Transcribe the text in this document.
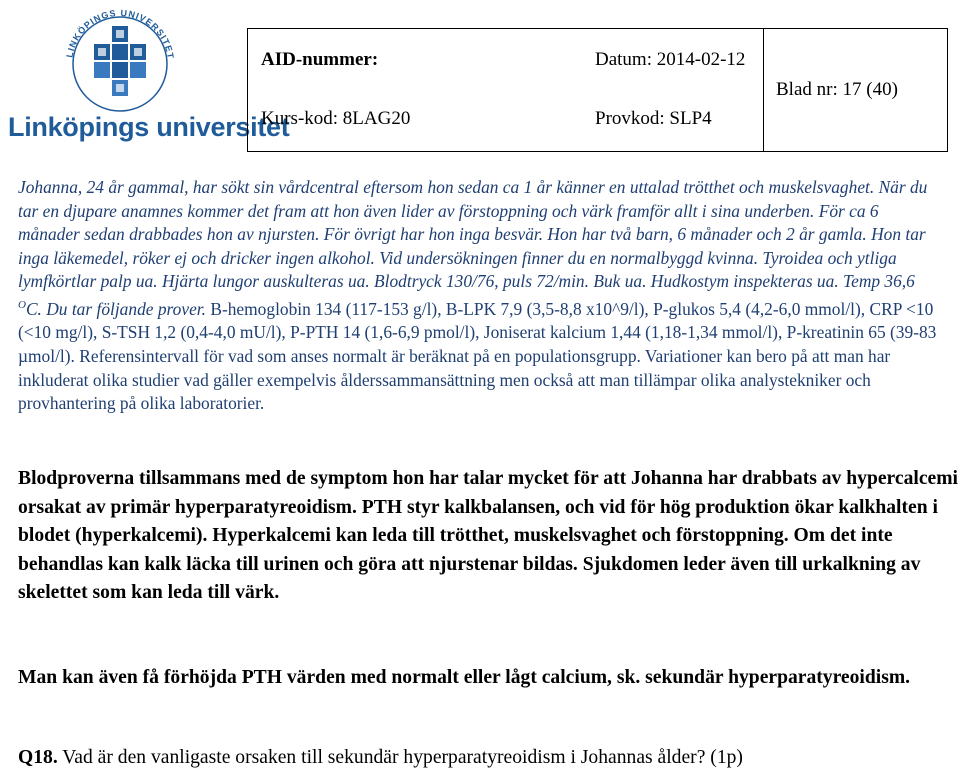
LINKÖPINGS UNIVERSITET
Linköpings universitet
AID-nummer:	Datum: 2014-02-12
Kurs-kod: 8LAG20	Provkod: SLP4
Blad nr: 17 (40)

Johanna, 24 år gammal, har sökt sin vårdcentral eftersom hon sedan ca 1 år känner en uttalad trötthet och muskelsvaghet. När du tar en djupare anamnes kommer det fram att hon även lider av förstoppning och värk framför allt i sina underben. För ca 6 månader sedan drabbades hon av njursten. För övrigt har hon inga besvär. Hon har två barn, 6 månader och 2 år gamla. Hon tar inga läkemedel, röker ej och dricker ingen alkohol. Vid undersökningen finner du en normalbyggd kvinna. Tyroidea och ytliga lymfkörtlar palp ua. Hjärta lungor auskulteras ua. Blodtryck 130/76, puls 72/min. Buk ua. Hudkostym inspekteras ua. Temp 36,6 $^O$C. Du tar följande prover. B-hemoglobin 134 (117-153 g/l), B-LPK 7,9 (3,5-8,8 x10^9/l), P-glukos 5,4 (4,2-6,0 mmol/l), CRP <10 (<10 mg/l), S-TSH 1,2 (0,4-4,0 mU/l), P-PTH 14 (1,6-6,9 pmol/l), Joniserat kalcium 1,44 (1,18-1,34 mmol/l), P-kreatinin 65 (39-83 µmol/l). Referensintervall för vad som anses normalt är beräknat på en populationsgrupp. Variationer kan bero på att man har inkluderat olika studier vad gäller exempelvis ålderssammansättning men också att man tillämpar olika analystekniker och provhantering på olika laboratorier.

Blodproverna tillsammans med de symptom hon har talar mycket för att Johanna har drabbats av hypercalcemi orsakat av primär hyperparatyreoidism. PTH styr kalkbalansen, och vid för hög produktion ökar kalkhalten i blodet (hyperkalcemi). Hyperkalcemi kan leda till trötthet, muskelsvaghet och förstoppning. Om det inte behandlas kan kalk läcka till urinen och göra att njurstenar bildas. Sjukdomen leder även till urkalkning av skelettet som kan leda till värk.

Man kan även få förhöjda PTH värden med normalt eller lågt calcium, sk. sekundär hyperparatyreoidism.

Q18. Vad är den vanligaste orsaken till sekundär hyperparatyreoidism i Johannas ålder? (1p)
